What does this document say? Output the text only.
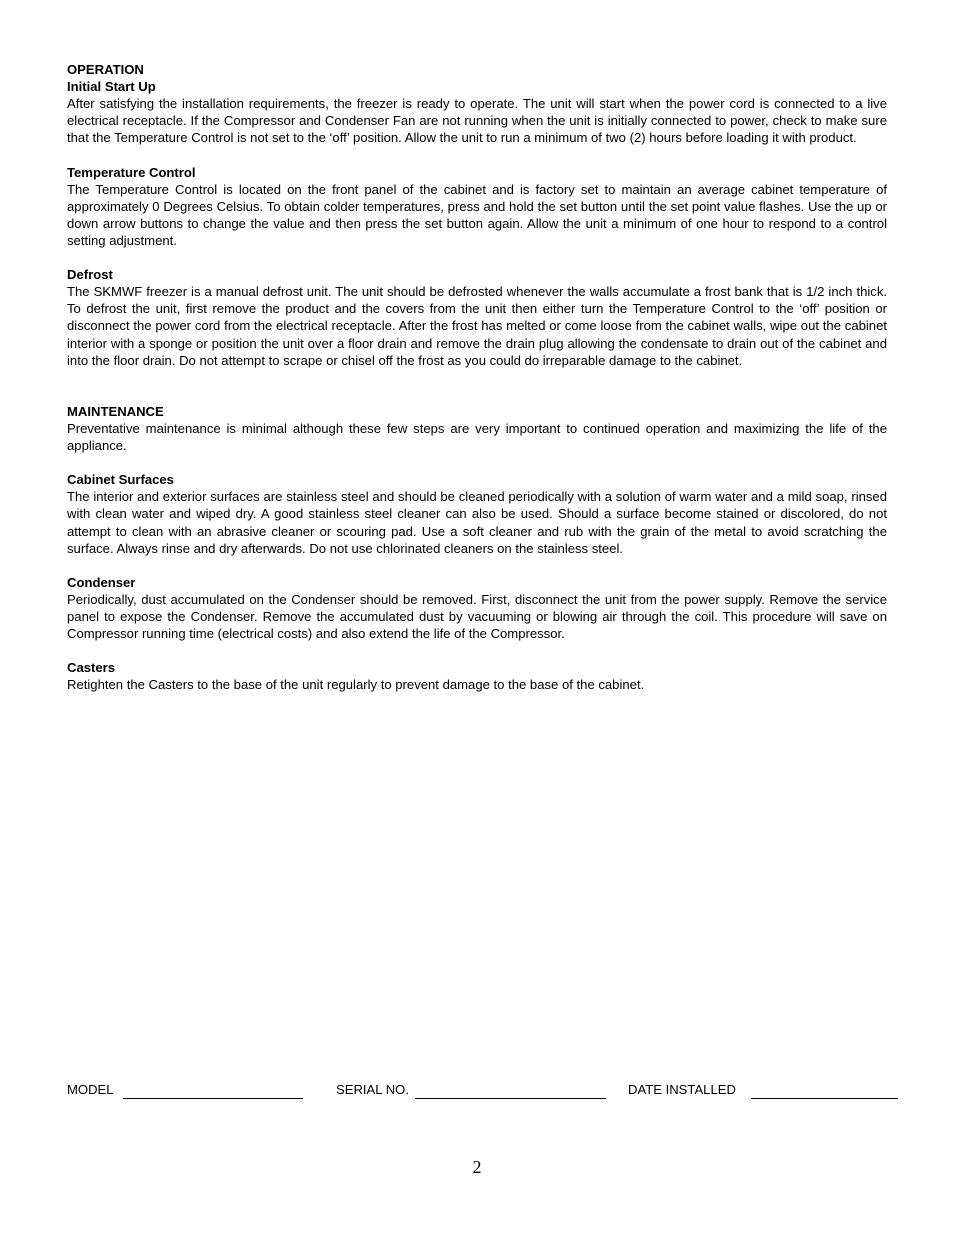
OPERATION

Initial Start Up

After satisfying the installation requirements, the freezer is ready to operate. The unit will start when the power cord is connected to a live electrical receptacle. If the Compressor and Condenser Fan are not running when the unit is initially connected to power, check to make sure that the Temperature Control is not set to the ‘off’ position. Allow the unit to run a minimum of two (2) hours before loading it with product.

Temperature Control

The Temperature Control is located on the front panel of the cabinet and is factory set to maintain an average cabinet temperature of approximately 0 Degrees Celsius. To obtain colder temperatures, press and hold the set button until the set point value flashes. Use the up or down arrow buttons to change the value and then press the set button again. Allow the unit a minimum of one hour to respond to a control setting adjustment.

Defrost

The SKMWF freezer is a manual defrost unit. The unit should be defrosted whenever the walls accumulate a frost bank that is 1/2 inch thick. To defrost the unit, first remove the product and the covers from the unit then either turn the Temperature Control to the ‘off’ position or disconnect the power cord from the electrical receptacle. After the frost has melted or come loose from the cabinet walls, wipe out the cabinet interior with a sponge or position the unit over a floor drain and remove the drain plug allowing the condensate to drain out of the cabinet and into the floor drain. Do not attempt to scrape or chisel off the frost as you could do irreparable damage to the cabinet.

MAINTENANCE

Preventative maintenance is minimal although these few steps are very important to continued operation and maximizing the life of the appliance.

Cabinet Surfaces

The interior and exterior surfaces are stainless steel and should be cleaned periodically with a solution of warm water and a mild soap, rinsed with clean water and wiped dry. A good stainless steel cleaner can also be used. Should a surface become stained or discolored, do not attempt to clean with an abrasive cleaner or scouring pad. Use a soft cleaner and rub with the grain of the metal to avoid scratching the surface. Always rinse and dry afterwards. Do not use chlorinated cleaners on the stainless steel.

Condenser

Periodically, dust accumulated on the Condenser should be removed. First, disconnect the unit from the power supply. Remove the service panel to expose the Condenser. Remove the accumulated dust by vacuuming or blowing air through the coil. This procedure will save on Compressor running time (electrical costs) and also extend the life of the Compressor.

Casters

Retighten the Casters to the base of the unit regularly to prevent damage to the base of the cabinet.

MODEL	SERIAL NO.	DATE INSTALLED
2
